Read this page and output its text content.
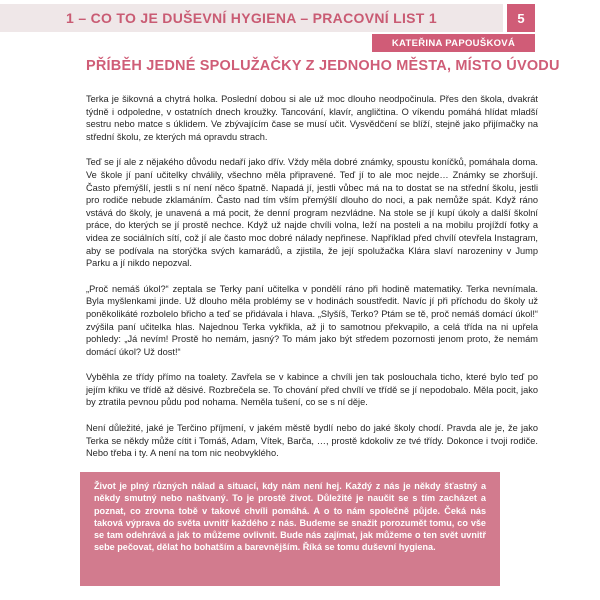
1 – CO TO JE DUŠEVNÍ HYGIENA – PRACOVNÍ LIST 1	5
KATEŘINA PAPOUŠKOVÁ
PŘÍBĚH JEDNÉ SPOLUŽAČKY Z JEDNOHO MĚSTA, MÍSTO ÚVODU

Terka je šikovná a chytrá holka. Poslední dobou si ale už moc dlouho neodpočinula. Přes den škola, dvakrát týdně i odpoledne, v ostatních dnech kroužky. Tancování, klavír, angličtina. O víkendu pomáhá hlídat mladší sestru nebo matce s úklidem. Ve zbývajícím čase se musí učit. Vysvědčení se blíží, stejně jako přijímačky na střední školu, ze kterých má opravdu strach.

Teď se jí ale z nějakého důvodu nedaří jako dřív. Vždy měla dobré známky, spoustu koníčků, pomáhala doma. Ve škole jí paní učitelky chválily, všechno měla připravené. Teď jí to ale moc nejde… Známky se zhoršují. Často přemýšlí, jestli s ní není něco špatně. Napadá jí, jestli vůbec má na to dostat se na střední školu, jestli pro rodiče nebude zklamáním. Často nad tím vším přemýšlí dlouho do noci, a pak nemůže spát. Když ráno vstává do školy, je unavená a má pocit, že denní program nezvládne. Na stole se jí kupí úkoly a další školní práce, do kterých se jí prostě nechce. Když už najde chvíli volna, leží na posteli a na mobilu projíždí fotky a videa ze sociálních sítí, což jí ale často moc dobré nálady nepřinese. Například před chvílí otevřela Instagram, aby se podívala na storýčka svých kamarádů, a zjistila, že její spolužačka Klára slaví narozeniny v Jump Parku a jí nikdo nepozval.

„Proč nemáš úkol?“ zeptala se Terky paní učitelka v pondělí ráno při hodině matematiky. Terka nevnímala. Byla myšlenkami jinde. Už dlouho měla problémy se v hodinách soustředit. Navíc jí při příchodu do školy už poněkolikáté rozbolelo břicho a teď se přidávala i hlava. „Slyšíš, Terko? Ptám se tě, proč nemáš domácí úkol!“ zvýšila paní učitelka hlas. Najednou Terka vykřikla, až ji to samotnou překvapilo, a celá třída na ni upřela pohledy: „Já nevím! Prostě ho nemám, jasný? To mám jako být středem pozornosti jenom proto, že nemám domácí úkol? Už dost!“

Vyběhla ze třídy přímo na toalety. Zavřela se v kabince a chvíli jen tak poslouchala ticho, které bylo teď po jejím křiku ve třídě až děsivé. Rozbrečela se. To chování před chvílí ve třídě se jí nepodobalo. Měla pocit, jako by ztratila pevnou půdu pod nohama. Neměla tušení, co se s ní děje.

Není důležité, jaké je Terčino příjmení, v jakém městě bydlí nebo do jaké školy chodí. Pravda ale je, že jako Terka se někdy může cítit i Tomáš, Adam, Vítek, Barča, …, prostě kdokoliv ze tvé třídy. Dokonce i tvoji rodiče. Nebo třeba i ty. A není na tom nic neobvyklého.

Život je plný různých nálad a situací, kdy nám není hej. Každý z nás je někdy šťastný a někdy smutný nebo naštvaný. To je prostě život. Důležité je naučit se s tím zacházet a poznat, co zrovna tobě v takové chvíli pomáhá. A o to nám společně půjde. Čeká nás taková výprava do světa uvnitř každého z nás. Budeme se snažit porozumět tomu, co vše se tam odehrává a jak to můžeme ovlivnit. Bude nás zajímat, jak můžeme o ten svět uvnitř sebe pečovat, dělat ho bohatším a barevnějším. Říká se tomu duševní hygiena.
